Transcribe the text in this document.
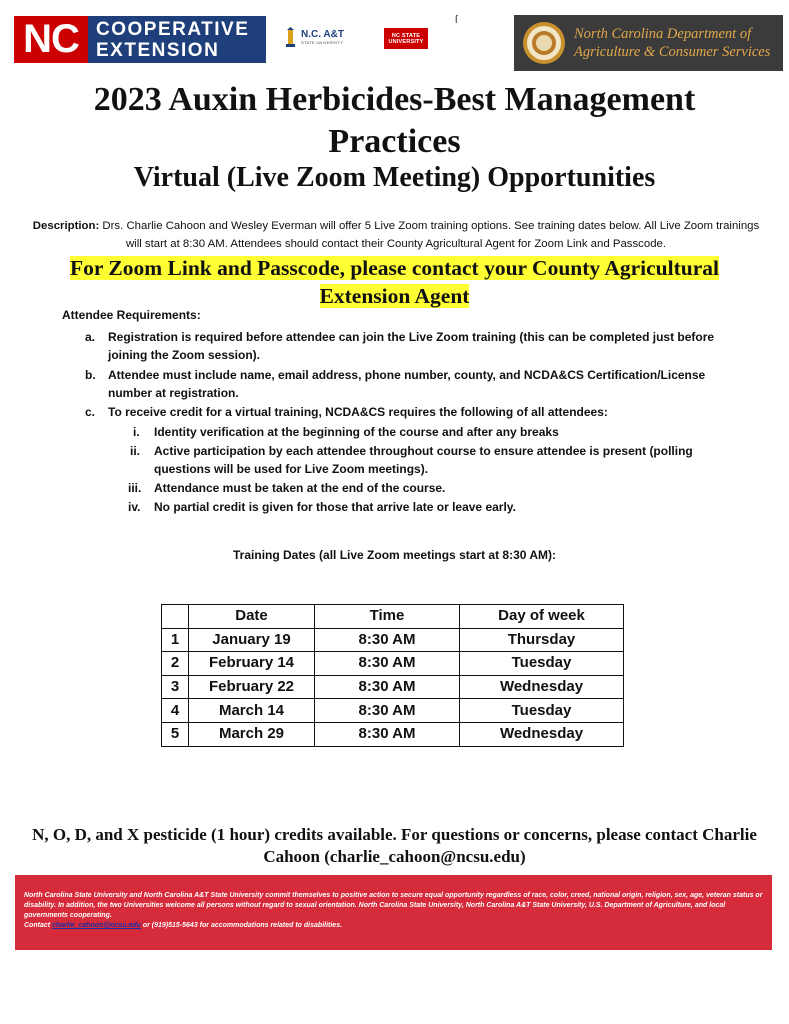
NC COOPERATIVE
EXTENSION
N.C. A&T
STATE UNIVERSITY
NC STATE
UNIVERSITY
ſ
North Carolina Department of
Agriculture & Consumer Services
2023 Auxin Herbicides-Best Management Practices
Virtual (Live Zoom Meeting) Opportunities
Description: Drs. Charlie Cahoon and Wesley Everman will offer 5 Live Zoom training options. See training dates below. All Live Zoom trainings will start at 8:30 AM. Attendees should contact their County Agricultural Agent for Zoom Link and Passcode.
For Zoom Link and Passcode, please contact your County Agricultural Extension Agent
Attendee Requirements:
a. Registration is required before attendee can join the Live Zoom training (this can be completed just before joining the Zoom session).
b. Attendee must include name, email address, phone number, county, and NCDA&CS Certification/License number at registration.
c. To receive credit for a virtual training, NCDA&CS requires the following of all attendees:
i. Identity verification at the beginning of the course and after any breaks
ii. Active participation by each attendee throughout course to ensure attendee is present (polling questions will be used for Live Zoom meetings).
iii. Attendance must be taken at the end of the course.
iv. No partial credit is given for those that arrive late or leave early.
Training Dates (all Live Zoom meetings start at 8:30 AM):
	Date	Time	Day of week
1	January 19	8:30 AM	Thursday
2	February 14	8:30 AM	Tuesday
3	February 22	8:30 AM	Wednesday
4	March 14	8:30 AM	Tuesday
5	March 29	8:30 AM	Wednesday
N, O, D, and X pesticide (1 hour) credits available. For questions or concerns, please contact Charlie Cahoon (charlie_cahoon@ncsu.edu)

North Carolina State University and North Carolina A&T State University commit themselves to positive action to secure equal opportunity regardless of race, color, creed, national origin, religion, sex, age, veteran status or disability. In addition, the two Universities welcome all persons without regard to sexual orientation. North Carolina State University, North Carolina A&T State University, U.S. Department of Agriculture, and local governments cooperating.

Contact charlie_cahoon@ncsu.edu or (919)515-5643 for accommodations related to disabilities.
